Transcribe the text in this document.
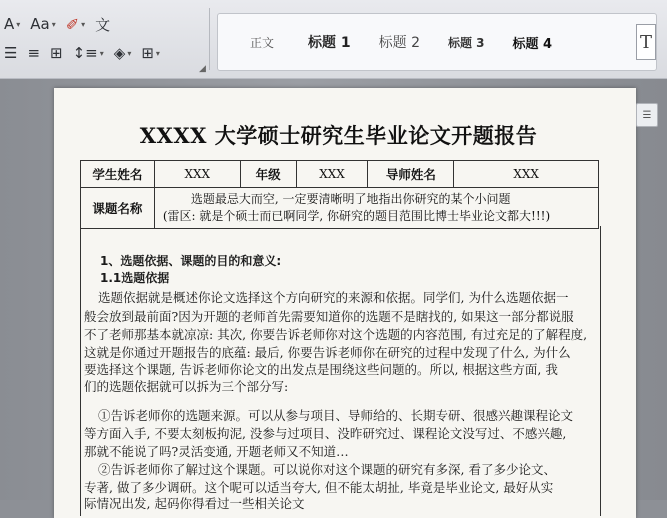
A ▾ Aa ▾ ✐ ▾ 文
☰ ≡ ⊞ ↕≡ ▾ ◈ ▾ ⊞ ▾
◢
正文	标题 1	标题 2	标题 3	标题 4	T
☰
XXXX 大学硕士研究生毕业论文开题报告
学生姓名	XXX	年级	XXX	导师姓名	XXX
课题名称	选题最忌大而空, 一定要清晰明了地指出你研究的某个小问题
(雷区: 就是个硕士而已啊同学, 你研究的题目范围比博士毕业论文都大!!!)				
1、选题依据、课题的目的和意义:
1.1选题依据
选题依据就是概述你论文选择这个方向研究的来源和依据。同学们, 为什么选题依据一
般会放到最前面?因为开题的老师首先需要知道你的选题不是瞎找的, 如果这一部分都说服
不了老师那基本就凉凉: 其次, 你要告诉老师你对这个选题的内容范围, 有过充足的了解程度,
这就是你通过开题报告的底蕴: 最后, 你要告诉老师你在研究的过程中发现了什么, 为什么
要选择这个课题, 告诉老师你论文的出发点是围绕这些问题的。所以, 根据这些方面, 我
们的选题依据就可以拆为三个部分写:
①告诉老师你的选题来源。可以从参与项目、导师给的、长期专研、很感兴趣课程论文
等方面入手, 不要太刻板拘泥, 没参与过项目、没昨研究过、课程论文没写过、不感兴趣,
那就不能说了吗?灵活变通, 开题老师又不知道…
②告诉老师你了解过这个课题。可以说你对这个课题的研究有多深, 看了多少论文、
专著, 做了多少调研。这个呢可以适当夸大, 但不能太胡扯, 毕竟是毕业论文, 最好从实
际情况出发, 起码你得看过一些相关论文
